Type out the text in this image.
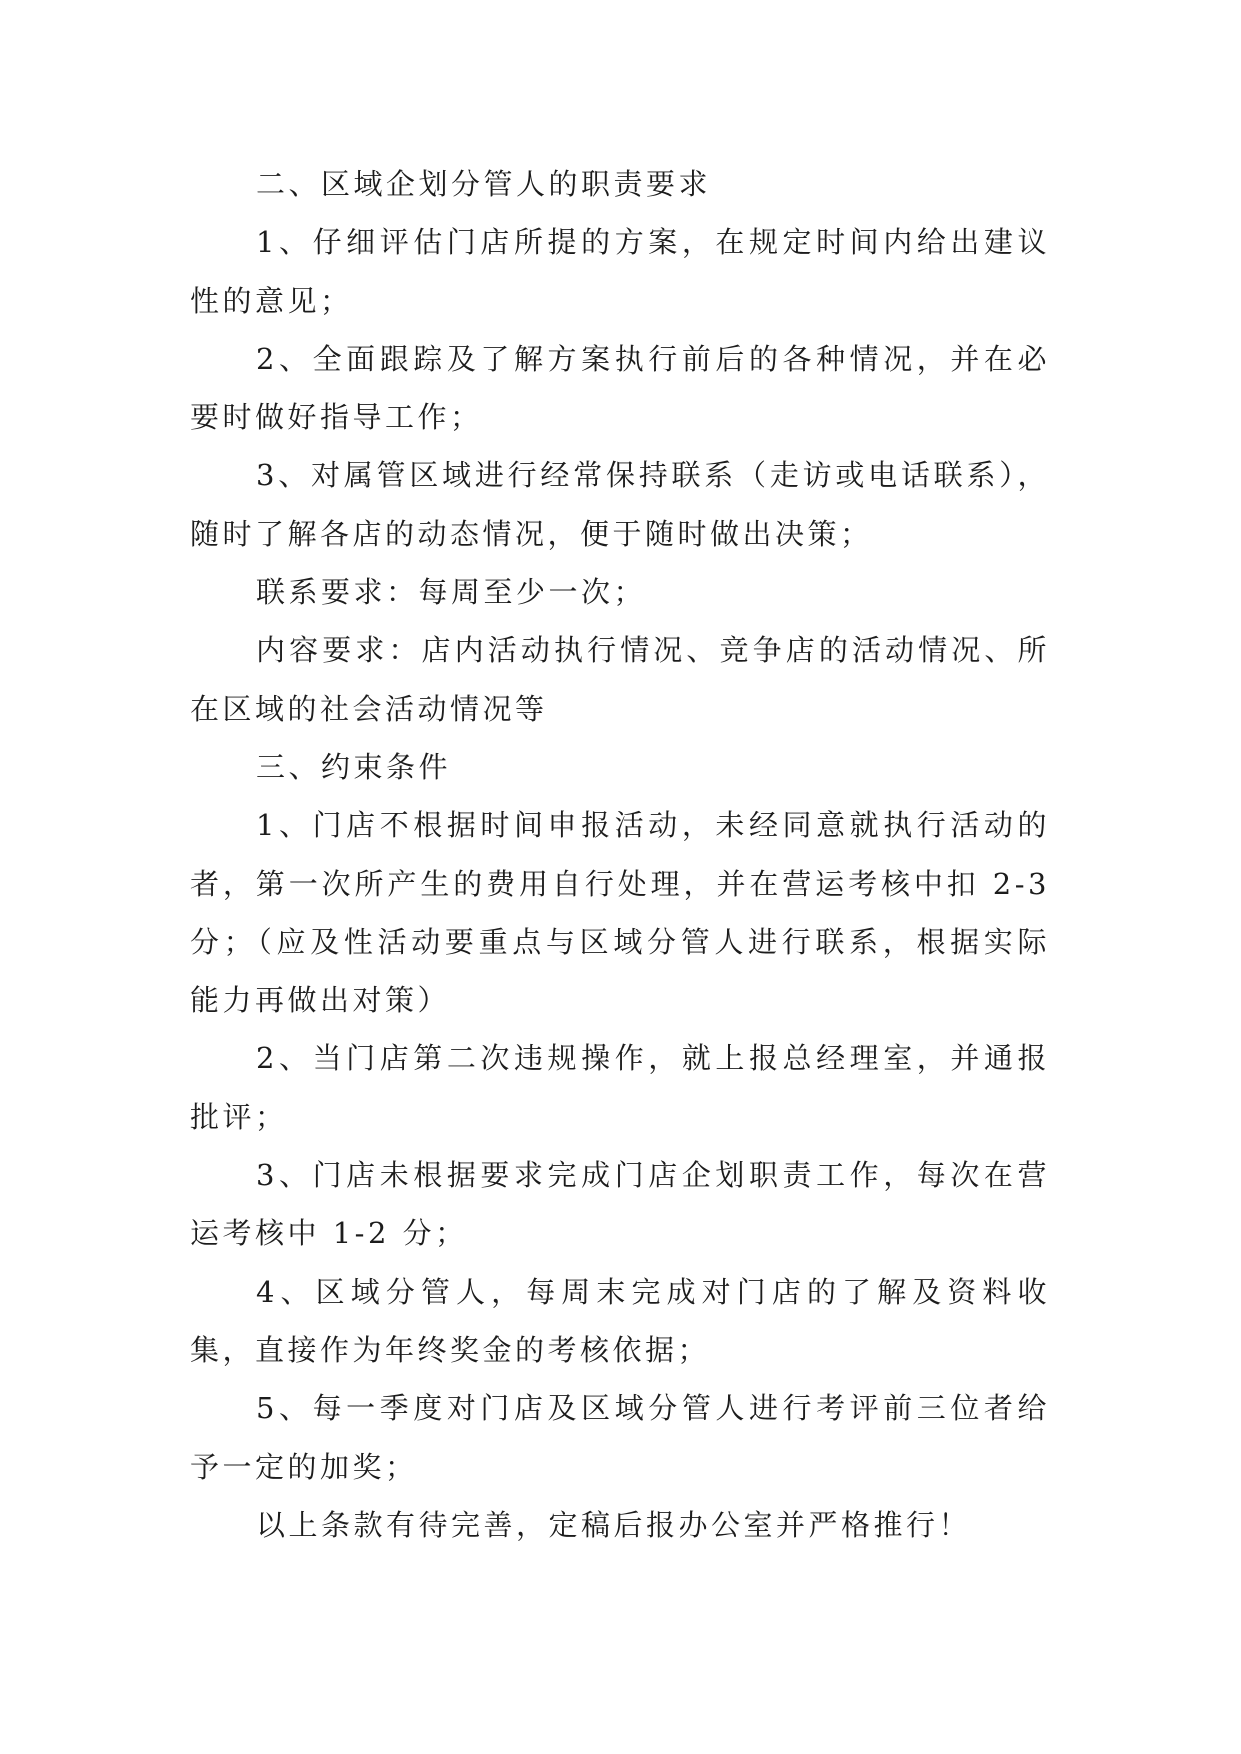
二、区域企划分管人的职责要求

1、仔细评估门店所提的方案，在规定时间内给出建议性的意见；

2、全面跟踪及了解方案执行前后的各种情况，并在必要时做好指导工作；

3、对属管区域进行经常保持联系（走访或电话联系），随时了解各店的动态情况，便于随时做出决策；

联系要求：每周至少一次；

内容要求：店内活动执行情况、竞争店的活动情况、所在区域的社会活动情况等

三、约束条件

1、门店不根据时间申报活动，未经同意就执行活动的者，第一次所产生的费用自行处理，并在营运考核中扣 2-3 分；（应及性活动要重点与区域分管人进行联系，根据实际能力再做出对策）

2、当门店第二次违规操作，就上报总经理室，并通报批评；

3、门店未根据要求完成门店企划职责工作，每次在营运考核中 1-2 分；

4、区域分管人，每周末完成对门店的了解及资料收集，直接作为年终奖金的考核依据；

5、每一季度对门店及区域分管人进行考评前三位者给予一定的加奖；

以上条款有待完善，定稿后报办公室并严格推行！
